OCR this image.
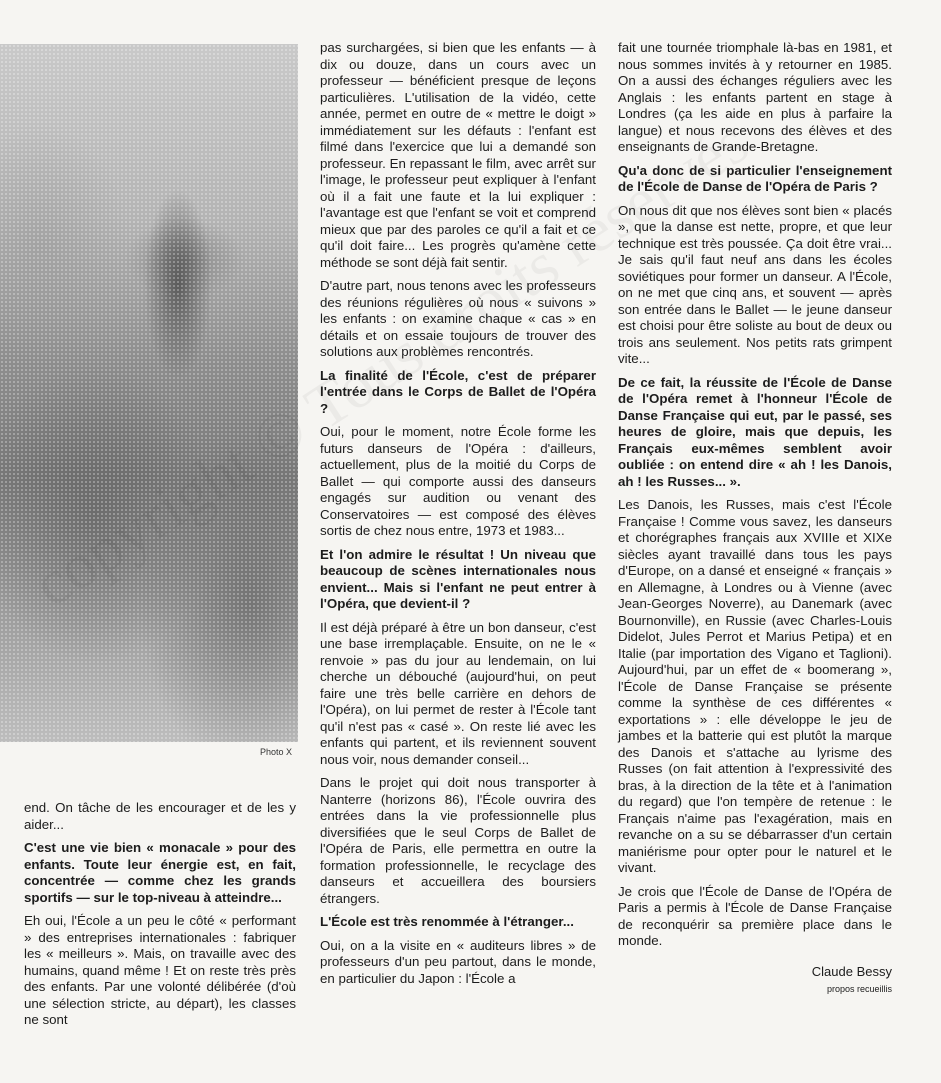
Photo X

end. On tâche de les encourager et de les y aider...

C'est une vie bien « monacale » pour des enfants. Toute leur énergie est, en fait, concentrée — comme chez les grands sportifs — sur le top-niveau à atteindre...

Eh oui, l'École a un peu le côté « performant » des entreprises internationales : fabriquer les « meilleurs ». Mais, on travaille avec des humains, quand même ! Et on reste très près des enfants. Par une volonté délibérée (d'où une sélection stricte, au départ), les classes ne sont

pas surchargées, si bien que les enfants — à dix ou douze, dans un cours avec un professeur — bénéficient presque de leçons particulières. L'utilisation de la vidéo, cette année, permet en outre de « mettre le doigt » immédiatement sur les défauts : l'enfant est filmé dans l'exercice que lui a demandé son professeur. En repassant le film, avec arrêt sur l'image, le professeur peut expliquer à l'enfant où il a fait une faute et la lui expliquer : l'avantage est que l'enfant se voit et comprend mieux que par des paroles ce qu'il a fait et ce qu'il doit faire... Les progrès qu'amène cette méthode se sont déjà fait sentir.

D'autre part, nous tenons avec les professeurs des réunions régulières où nous « suivons » les enfants : on examine chaque « cas » en détails et on essaie toujours de trouver des solutions aux problèmes rencontrés.

La finalité de l'École, c'est de préparer l'entrée dans le Corps de Ballet de l'Opéra ?

Oui, pour le moment, notre École forme les futurs danseurs de l'Opéra : d'ailleurs, actuellement, plus de la moitié du Corps de Ballet — qui comporte aussi des danseurs engagés sur audition ou venant des Conservatoires — est composé des élèves sortis de chez nous entre, 1973 et 1983...

Et l'on admire le résultat ! Un niveau que beaucoup de scènes internationales nous envient... Mais si l'enfant ne peut entrer à l'Opéra, que devient-il ?

Il est déjà préparé à être un bon danseur, c'est une base irremplaçable. Ensuite, on ne le « renvoie » pas du jour au lendemain, on lui cherche un débouché (aujourd'hui, on peut faire une très belle carrière en dehors de l'Opéra), on lui permet de rester à l'École tant qu'il n'est pas « casé ». On reste lié avec les enfants qui partent, et ils reviennent souvent nous voir, nous demander conseil...

Dans le projet qui doit nous transporter à Nanterre (horizons 86), l'École ouvrira des entrées dans la vie professionnelle plus diversifiées que le seul Corps de Ballet de l'Opéra de Paris, elle permettra en outre la formation professionnelle, le recyclage des danseurs et accueillera des boursiers étrangers.

L'École est très renommée à l'étranger...

Oui, on a la visite en « auditeurs libres » de professeurs d'un peu partout, dans le monde, en particulier du Japon : l'École a

fait une tournée triomphale là-bas en 1981, et nous sommes invités à y retourner en 1985. On a aussi des échanges réguliers avec les Anglais : les enfants partent en stage à Londres (ça les aide en plus à parfaire la langue) et nous recevons des élèves et des enseignants de Grande-Bretagne.

Qu'a donc de si particulier l'enseignement de l'École de Danse de l'Opéra de Paris ?

On nous dit que nos élèves sont bien « placés », que la danse est nette, propre, et que leur technique est très poussée. Ça doit être vrai... Je sais qu'il faut neuf ans dans les écoles soviétiques pour former un danseur. A l'École, on ne met que cinq ans, et souvent — après son entrée dans le Ballet — le jeune danseur est choisi pour être soliste au bout de deux ou trois ans seulement. Nos petits rats grimpent vite...

De ce fait, la réussite de l'École de Danse de l'Opéra remet à l'honneur l'École de Danse Française qui eut, par le passé, ses heures de gloire, mais que depuis, les Français eux-mêmes semblent avoir oubliée : on entend dire « ah ! les Danois, ah ! les Russes... ».

Les Danois, les Russes, mais c'est l'École Française ! Comme vous savez, les danseurs et chorégraphes français aux XVIIIe et XIXe siècles ayant travaillé dans tous les pays d'Europe, on a dansé et enseigné « français » en Allemagne, à Londres ou à Vienne (avec Jean-Georges Noverre), au Danemark (avec Bournonville), en Russie (avec Charles-Louis Didelot, Jules Perrot et Marius Petipa) et en Italie (par importation des Vigano et Taglioni). Aujourd'hui, par un effet de « boomerang », l'École de Danse Française se présente comme la synthèse de ces différentes « exportations » : elle développe le jeu de jambes et la batterie qui est plutôt la marque des Danois et s'attache au lyrisme des Russes (on fait attention à l'expressivité des bras, à la direction de la tête et à l'animation du regard) que l'on tempère de retenue : le Français n'aime pas l'exagération, mais en revanche on a su se débarrasser d'un certain maniérisme pour opter pour le naturel et le vivant.

Je crois que l'École de Danse de l'Opéra de Paris a permis à l'École de Danse Française de reconquérir sa première place dans le monde.

Claude Bessy
propos recueillis
